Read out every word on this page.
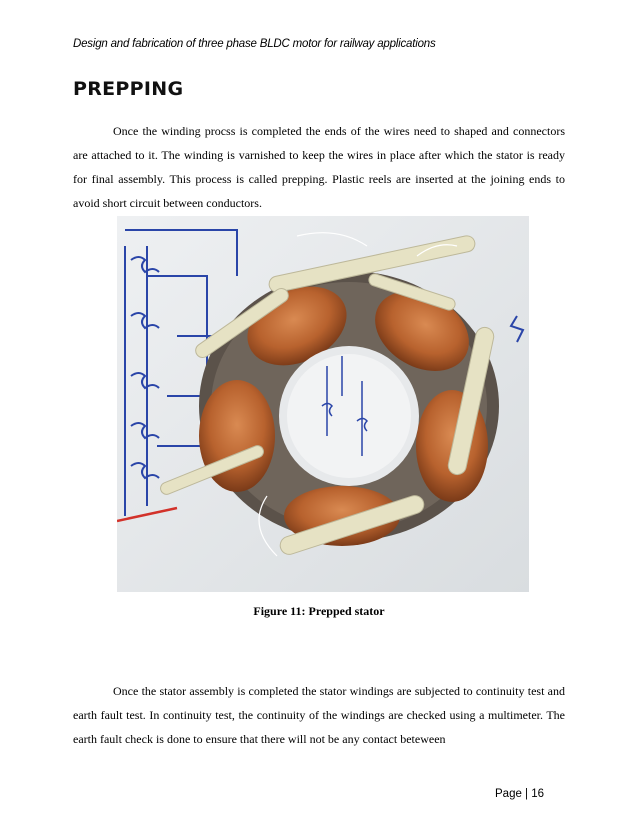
Design and fabrication of three phase BLDC motor for railway applications
PREPPING

Once the winding procss is completed the ends of the wires need to shaped and connectors are attached to it. The winding is varnished to keep the wires in place after which the stator is ready for final assembly. This process is called prepping. Plastic reels are inserted at the joining ends to avoid short circuit between conductors.

Figure 11: Prepped stator

Once the stator assembly is completed the stator windings are subjected to continuity test and earth fault test. In continuity test, the continuity of the windings are checked using a multimeter. The earth fault check is done to ensure that there will not be any contact beteween

Page | 16
